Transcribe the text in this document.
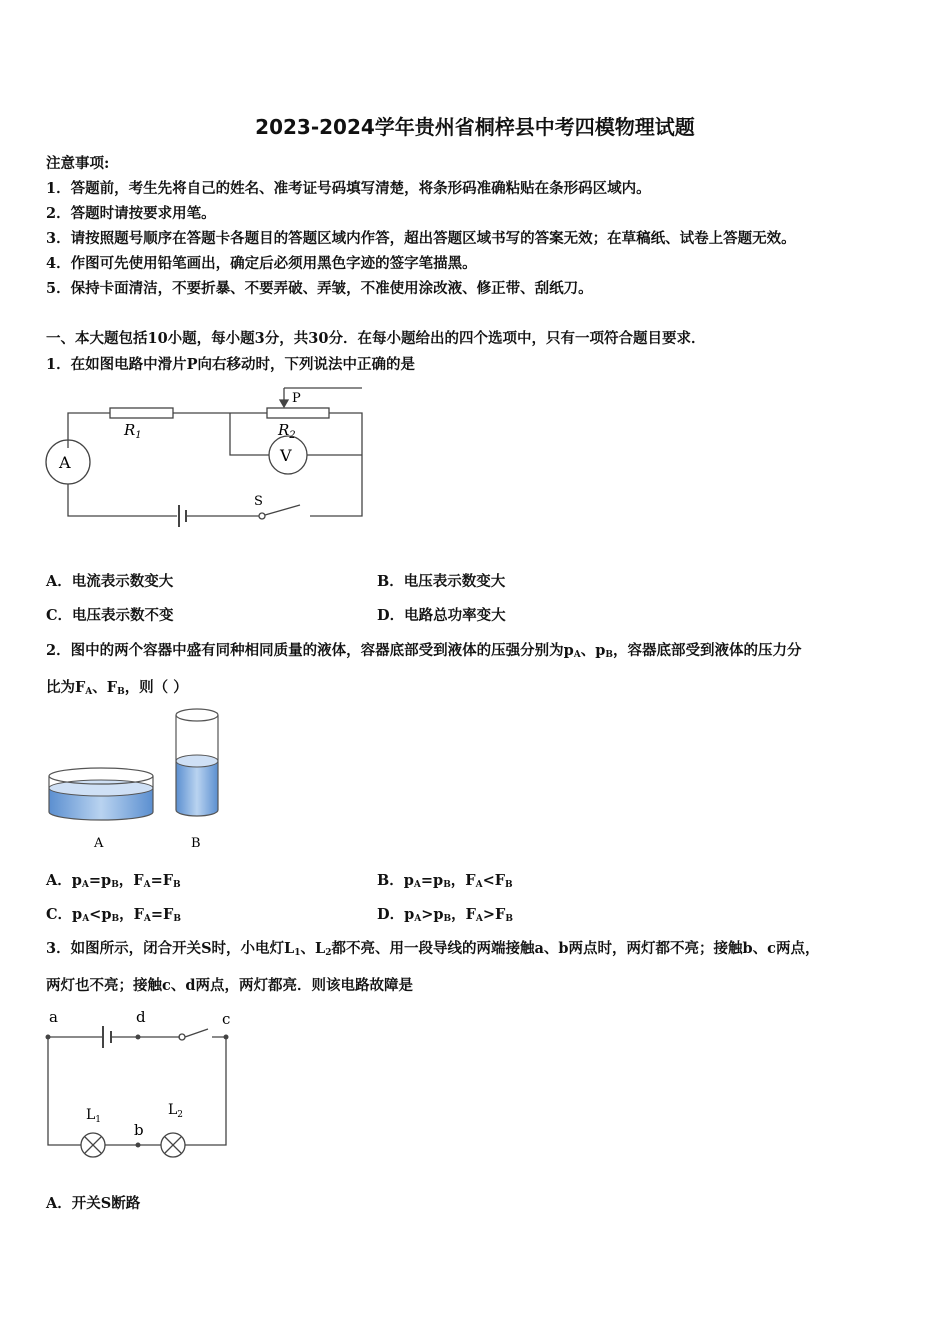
2023-2024学年贵州省桐梓县中考四模物理试题
注意事项:
1．答题前，考生先将自己的姓名、准考证号码填写清楚，将条形码准确粘贴在条形码区域内。
2．答题时请按要求用笔。
3．请按照题号顺序在答题卡各题目的答题区域内作答，超出答题区域书写的答案无效；在草稿纸、试卷上答题无效。
4．作图可先使用铅笔画出，确定后必须用黑色字迹的签字笔描黑。
5．保持卡面清洁，不要折暴、不要弄破、弄皱，不准使用涂改液、修正带、刮纸刀。
一、本大题包括10小题，每小题3分，共30分．在每小题给出的四个选项中，只有一项符合题目要求．
1．在如图电路中滑片P向右移动时，下列说法中正确的是
$R_1$	$R_2$
P
A	V
S
A．电流表示数变大	B．电压表示数变大
C．电压表示数不变	D．电路总功率变大
2．图中的两个容器中盛有同种相同质量的液体，容器底部受到液体的压强分别为$p_A$、$p_B$，容器底部受到液体的压力分
比为$F_A$、$F_B$，则（ ）
A	B
A．$p_A=p_B$，$F_A=F_B$	B．$p_A=p_B$，$F_A<F_B$
C．$p_A<p_B$，$F_A=F_B$	D．$p_A>p_B$，$F_A>F_B$
3．如图所示，闭合开关S时，小电灯$L_1$、$L_2$都不亮、用一段导线的两端接触a、b两点时，两灯都不亮；接触b、c两点，
两灯也不亮；接触c、d两点，两灯都亮．则该电路故障是
a	d	c
b
$L_1$
$L_2$
A．开关S断路
